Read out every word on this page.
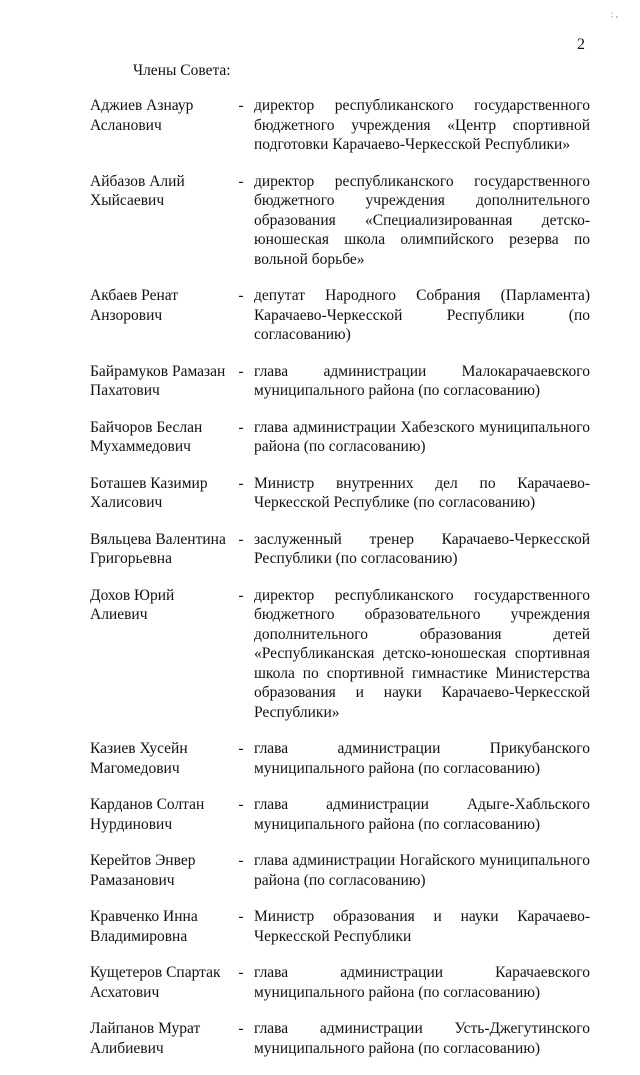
: ,
2
Члены Совета:
Аджиев Азнаур
Асланович
- директор республиканского государственного бюджетного учреждения «Центр спортивной подготовки Карачаево-Черкесской Республики»
Айбазов Алий
Хыйсаевич
- директор республиканского государственного бюджетного учреждения дополнительного образования «Специализированная детско-юношеская школа олимпийского резерва по вольной борьбе»
Акбаев Ренат
Анзорович
- депутат Народного Собрания (Парламента) Карачаево-Черкесской Республики (по согласованию)
Байрамуков Рамазан
Пахатович
- глава администрации Малокарачаевского муниципального района (по согласованию)
Байчоров Беслан
Мухаммедович
- глава администрации Хабезского муниципального района (по согласованию)
Боташев Казимир
Халисович
- Министр внутренних дел по Карачаево-Черкесской Республике (по согласованию)
Вяльцева Валентина
Григорьевна
- заслуженный тренер Карачаево-Черкесской Республики (по согласованию)
Дохов Юрий
Алиевич
- директор республиканского государственного бюджетного образовательного учреждения дополнительного образования детей «Республиканская детско-юношеская спортивная школа по спортивной гимнастике Министерства образования и науки Карачаево-Черкесской Республики»
Казиев Хусейн
Магомедович
- глава администрации Прикубанского муниципального района (по согласованию)
Карданов Солтан
Нурдинович
- глава администрации Адыге-Хабльского муниципального района (по согласованию)
Керейтов Энвер
Рамазанович
- глава администрации Ногайского муниципального района (по согласованию)
Кравченко Инна
Владимировна
- Министр образования и науки Карачаево-Черкесской Республики
Кущетеров Спартак
Асхатович
- глава администрации Карачаевского муниципального района (по согласованию)
Лайпанов Мурат
Алибиевич
- глава администрации Усть-Джегутинского муниципального района (по согласованию)
